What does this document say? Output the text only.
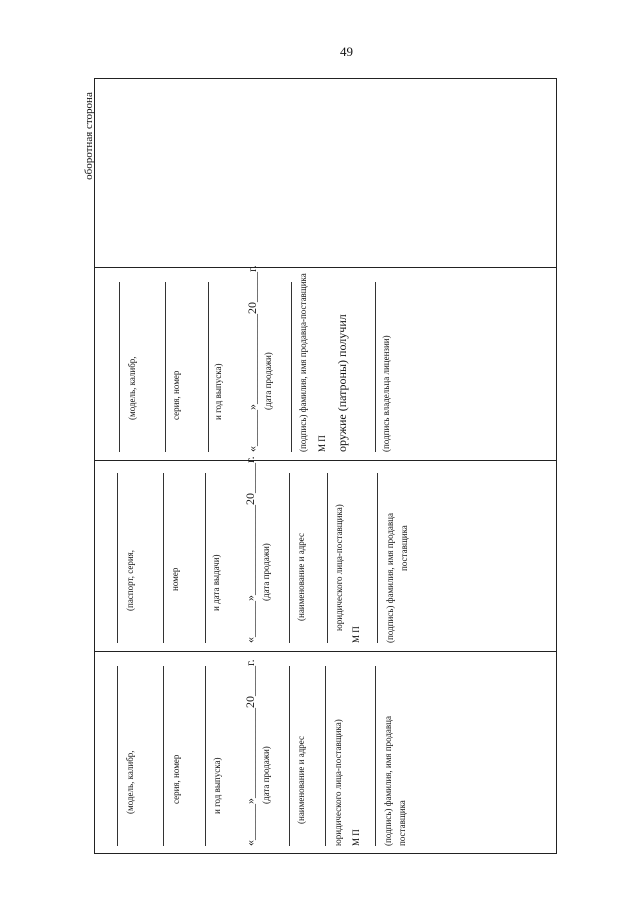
49
оборотная сторона
(модель, калибр,	серия, номер	и год выпуска)
«______»_______________20_____г.
(дата продажи)	(подпись) фамилия, имя продавца-поставщика М П оружие (патроны) получил	(подпись владельца лицензии)
(паспорт, серия,	номер	и дата выдачи)
«______»_______________20_____г.
(дата продажи)	(наименование и адрес	юридического лица-поставщика)
М П	(подпись) фамилия, имя продавца поставщика
(модель, калибр,	серия, номер	и год выпуска)
«______»_______________20_____г.
(дата продажи)	(наименование и адрес	юридического лица-поставщика) М П (подпись) фамилия, имя продавца поставщика
